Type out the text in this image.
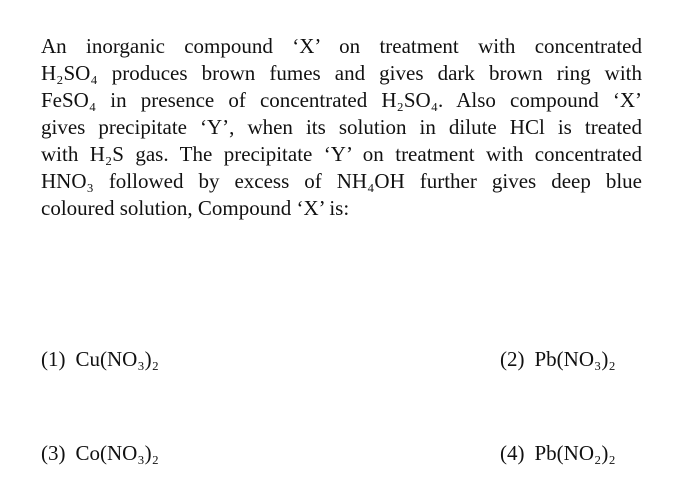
An inorganic compound ‘X’ on treatment with concentrated
H₂SO₄ produces brown fumes and gives dark brown ring with
FeSO₄ in presence of concentrated H₂SO₄. Also compound ‘X’
gives precipitate ‘Y’, when its solution in dilute HCl is treated
with H₂S gas. The precipitate ‘Y’ on treatment with concentrated
HNO₃ followed by excess of NH₄OH further gives deep blue
coloured solution, Compound ‘X’ is:

(1) Cu(NO₃)₂	(2) Pb(NO₃)₂
(3) Co(NO₃)₂	(4) Pb(NO₂)₂
